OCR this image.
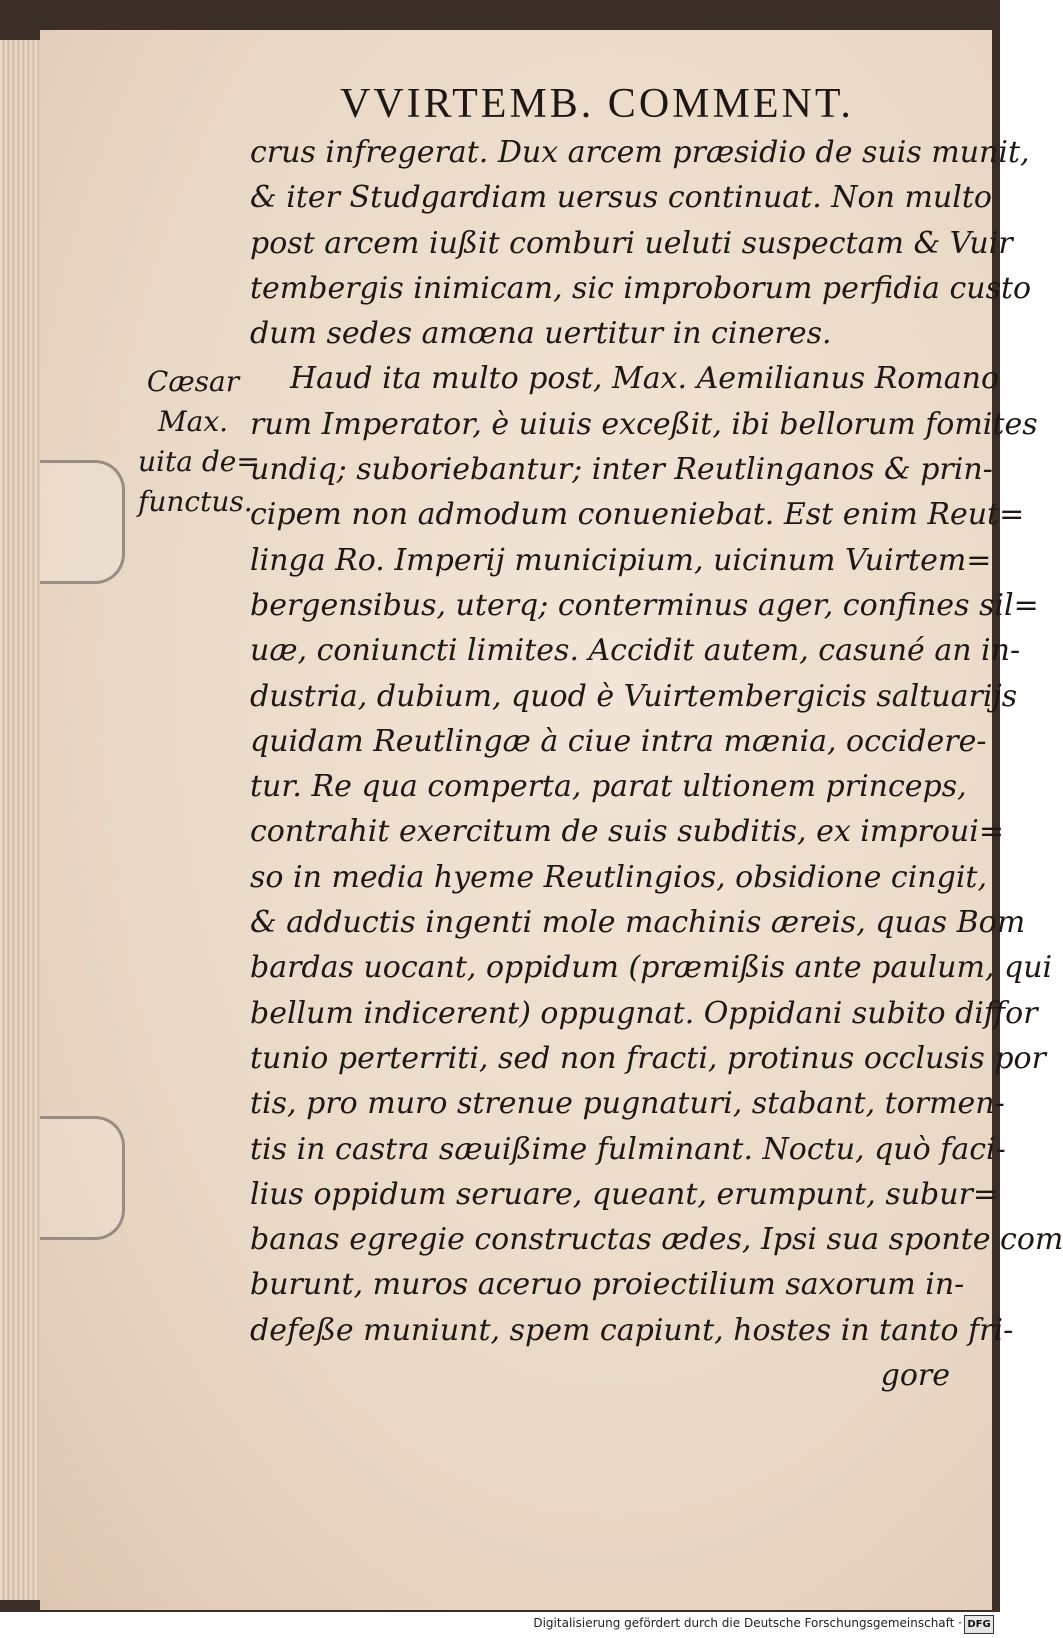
VVIRTEMB. COMMENT.
Cæsar
Max.
uita de=
functus.
crus infregerat. Dux arcem præsidio de suis munit,
& iter Studgardiam uersus continuat. Non multo
post arcem iußit comburi ueluti suspectam & Vuir
tembergis inimicam, sic improborum perfidia custo
dum sedes amœna uertitur in cineres.
Haud ita multo post, Max. Aemilianus Romano
rum Imperator, è uiuis exceßit, ibi bellorum fomites
undiq; suboriebantur; inter Reutlinganos & prin-
cipem non admodum conueniebat. Est enim Reut=
linga Ro. Imperij municipium, uicinum Vuirtem=
bergensibus, uterq; conterminus ager, confines sil=
uæ, coniuncti limites. Accidit autem, casuné an in-
dustria, dubium, quod è Vuirtembergicis saltuarijs
quidam Reutlingæ à ciue intra mænia, occidere-
tur. Re qua comperta, parat ultionem princeps,
contrahit exercitum de suis subditis, ex improui=
so in media hyeme Reutlingios, obsidione cingit,
& adductis ingenti mole machinis æreis, quas Bom
bardas uocant, oppidum (præmißis ante paulum, qui
bellum indicerent) oppugnat. Oppidani subito diffor
tunio perterriti, sed non fracti, protinus occlusis por
tis, pro muro strenue pugnaturi, stabant, tormen-
tis in castra sæuißime fulminant. Noctu, quò faci-
lius oppidum seruare, queant, erumpunt, subur=
banas egregie constructas ædes, Ipsi sua sponte com
burunt, muros aceruo proiectilium saxorum in-
defeße muniunt, spem capiunt, hostes in tanto fri-
gore
Digitalisierung gefördert durch die Deutsche Forschungsgemeinschaft · DFG
